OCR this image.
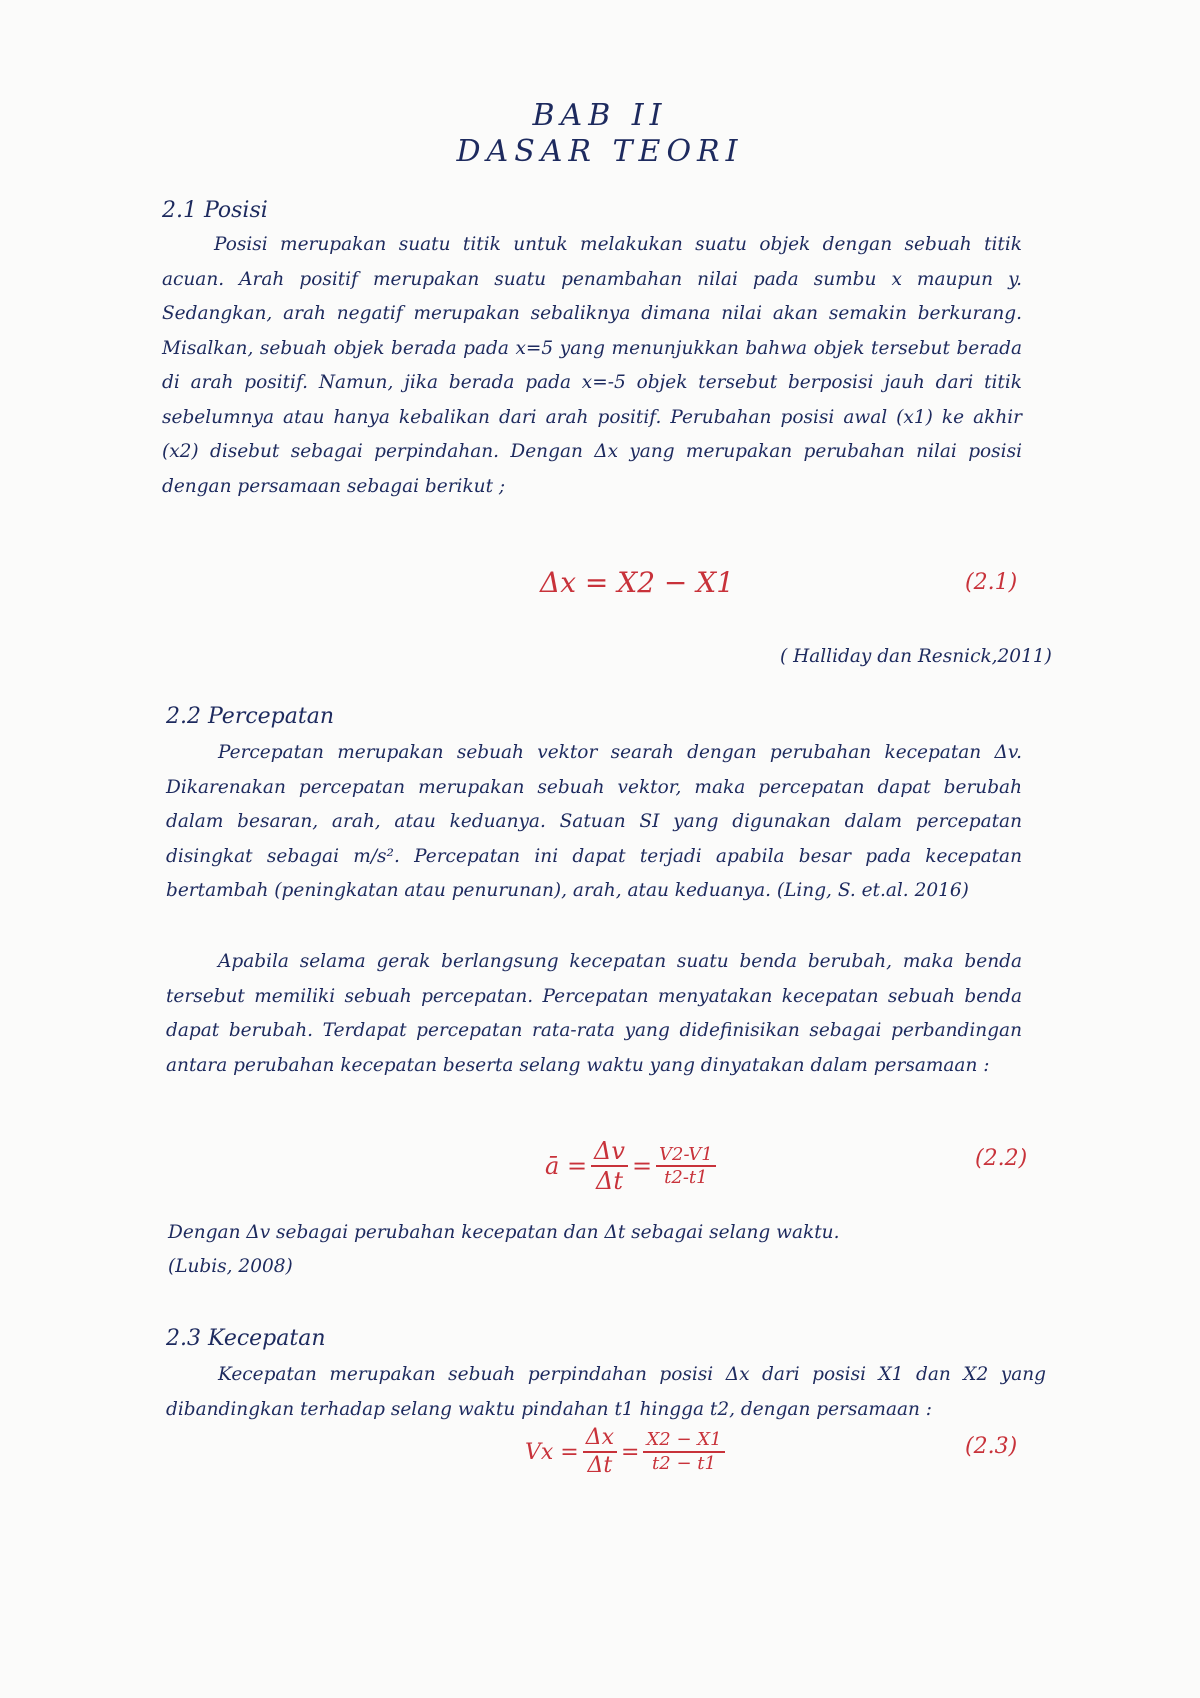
BAB II
DASAR TEORI
2.1 Posisi
Posisi merupakan suatu titik untuk melakukan suatu objek dengan sebuah titik acuan. Arah positif merupakan suatu penambahan nilai pada sumbu x maupun y. Sedangkan, arah negatif merupakan sebaliknya dimana nilai akan semakin berkurang. Misalkan, sebuah objek berada pada x=5 yang menunjukkan bahwa objek tersebut berada di arah positif. Namun, jika berada pada x=-5 objek tersebut berposisi jauh dari titik sebelumnya atau hanya kebalikan dari arah positif. Perubahan posisi awal (x1) ke akhir (x2) disebut sebagai perpindahan. Dengan Δx yang merupakan perubahan nilai posisi dengan persamaan sebagai berikut ;
Δx = X2 − X1	(2.1)
( Halliday dan Resnick,2011)
2.2 Percepatan
Percepatan merupakan sebuah vektor searah dengan perubahan kecepatan Δv. Dikarenakan percepatan merupakan sebuah vektor, maka percepatan dapat berubah dalam besaran, arah, atau keduanya. Satuan SI yang digunakan dalam percepatan disingkat sebagai m/s². Percepatan ini dapat terjadi apabila besar pada kecepatan bertambah (peningkatan atau penurunan), arah, atau keduanya. (Ling, S. et.al. 2016)
Apabila selama gerak berlangsung kecepatan suatu benda berubah, maka benda tersebut memiliki sebuah percepatan. Percepatan menyatakan kecepatan sebuah benda dapat berubah. Terdapat percepatan rata-rata yang didefinisikan sebagai perbandingan antara perubahan kecepatan beserta selang waktu yang dinyatakan dalam persamaan :
ā = $\frac{\Delta v}{\Delta t} = \frac{V2-V1}{t2-t1}$	(2.2)
Dengan Δv sebagai perubahan kecepatan dan Δt sebagai selang waktu.
(Lubis, 2008)
2.3 Kecepatan
Kecepatan merupakan sebuah perpindahan posisi Δx dari posisi X1 dan X2 yang dibandingkan terhadap selang waktu pindahan t1 hingga t2, dengan persamaan :
$Vx = \frac{\Delta x}{\Delta t} = \frac{X2 - X1}{t2 - t1}$	(2.3)
